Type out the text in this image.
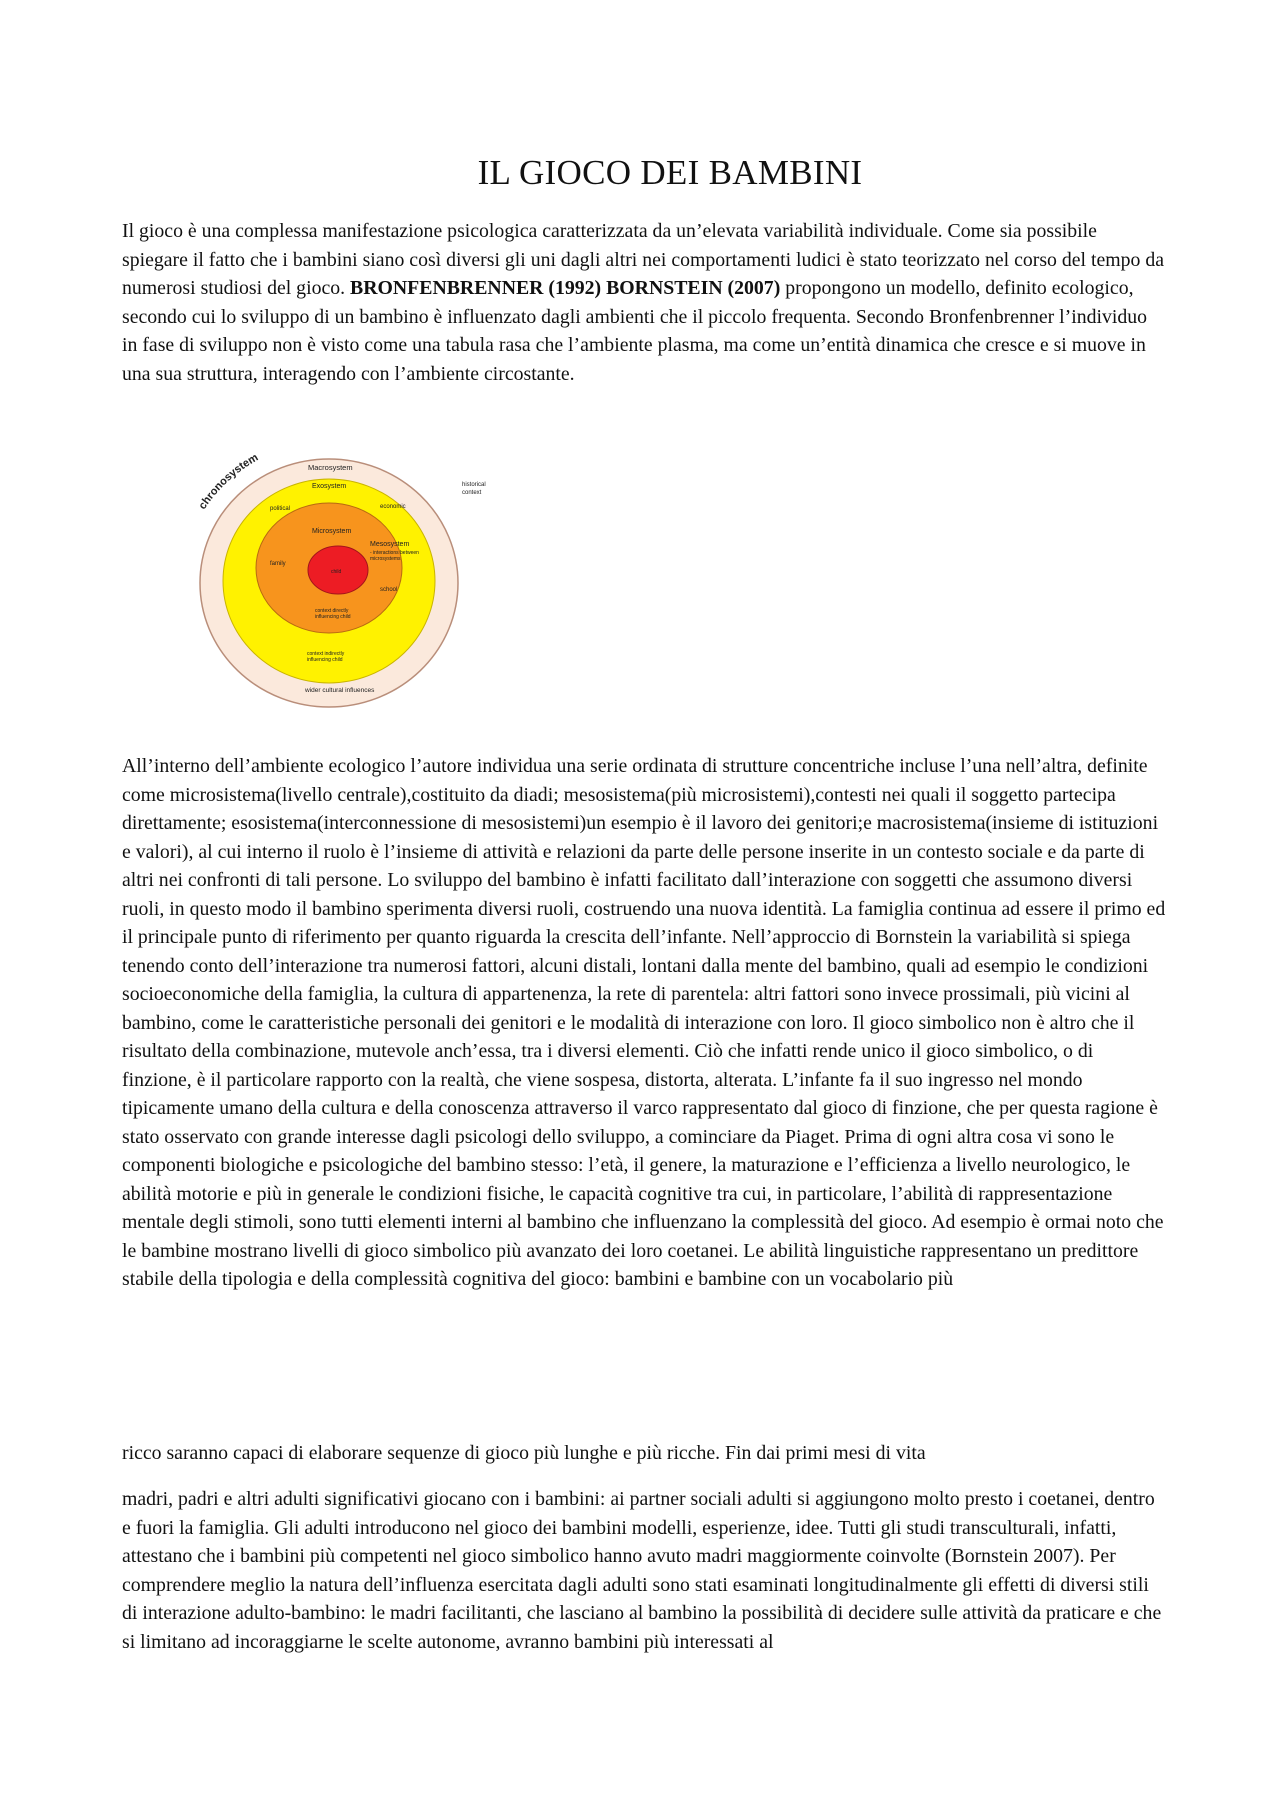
IL GIOCO DEI BAMBINI

Il gioco è una complessa manifestazione psicologica caratterizzata da un’elevata variabilità individuale. Come sia possibile spiegare il fatto che i bambini siano così diversi gli uni dagli altri nei comportamenti ludici è stato teorizzato nel corso del tempo da numerosi studiosi del gioco. BRONFENBRENNER (1992) BORNSTEIN (2007) propongono un modello, definito ecologico, secondo cui lo sviluppo di un bambino è influenzato dagli ambienti che il piccolo frequenta. Secondo Bronfenbrenner l’individuo in fase di sviluppo non è visto come una tabula rasa che l’ambiente plasma, ma come un’entità dinamica che cresce e si muove in una sua struttura, interagendo con l’ambiente circostante.

chronosystem
Macrosystem
historical
context
Exosystem
political	economic
Microsystem
family
Mesosystem
- interactions between
microsystems
school
child
context directly
influencing child
context indirectly
influencing child
wider cultural influences

All’interno dell’ambiente ecologico l’autore individua una serie ordinata di strutture concentriche incluse l’una nell’altra, definite come microsistema(livello centrale),costituito da diadi; mesosistema(più microsistemi),contesti nei quali il soggetto partecipa direttamente; esosistema(interconnessione di mesosistemi)un esempio è il lavoro dei genitori;e macrosistema(insieme di istituzioni e valori), al cui interno il ruolo è l’insieme di attività e relazioni da parte delle persone inserite in un contesto sociale e da parte di altri nei confronti di tali persone. Lo sviluppo del bambino è infatti facilitato dall’interazione con soggetti che assumono diversi ruoli, in questo modo il bambino sperimenta diversi ruoli, costruendo una nuova identità. La famiglia continua ad essere il primo ed il principale punto di riferimento per quanto riguarda la crescita dell’infante. Nell’approccio di Bornstein la variabilità si spiega tenendo conto dell’interazione tra numerosi fattori, alcuni distali, lontani dalla mente del bambino, quali ad esempio le condizioni socioeconomiche della famiglia, la cultura di appartenenza, la rete di parentela: altri fattori sono invece prossimali, più vicini al bambino, come le caratteristiche personali dei genitori e le modalità di interazione con loro. Il gioco simbolico non è altro che il risultato della combinazione, mutevole anch’essa, tra i diversi elementi. Ciò che infatti rende unico il gioco simbolico, o di finzione, è il particolare rapporto con la realtà, che viene sospesa, distorta, alterata. L’infante fa il suo ingresso nel mondo tipicamente umano della cultura e della conoscenza attraverso il varco rappresentato dal gioco di finzione, che per questa ragione è stato osservato con grande interesse dagli psicologi dello sviluppo, a cominciare da Piaget. Prima di ogni altra cosa vi sono le componenti biologiche e psicologiche del bambino stesso: l’età, il genere, la maturazione e l’efficienza a livello neurologico, le abilità motorie e più in generale le condizioni fisiche, le capacità cognitive tra cui, in particolare, l’abilità di rappresentazione mentale degli stimoli, sono tutti elementi interni al bambino che influenzano la complessità del gioco. Ad esempio è ormai noto che le bambine mostrano livelli di gioco simbolico più avanzato dei loro coetanei. Le abilità linguistiche rappresentano un predittore stabile della tipologia e della complessità cognitiva del gioco: bambini e bambine con un vocabolario più

ricco saranno capaci di elaborare sequenze di gioco più lunghe e più ricche. Fin dai primi mesi di vita

madri, padri e altri adulti significativi giocano con i bambini: ai partner sociali adulti si aggiungono molto presto i coetanei, dentro e fuori la famiglia. Gli adulti introducono nel gioco dei bambini modelli, esperienze, idee. Tutti gli studi transculturali, infatti, attestano che i bambini più competenti nel gioco simbolico hanno avuto madri maggiormente coinvolte (Bornstein 2007). Per comprendere meglio la natura dell’influenza esercitata dagli adulti sono stati esaminati longitudinalmente gli effetti di diversi stili di interazione adulto-bambino: le madri facilitanti, che lasciano al bambino la possibilità di decidere sulle attività da praticare e che si limitano ad incoraggiarne le scelte autonome, avranno bambini più interessati al
